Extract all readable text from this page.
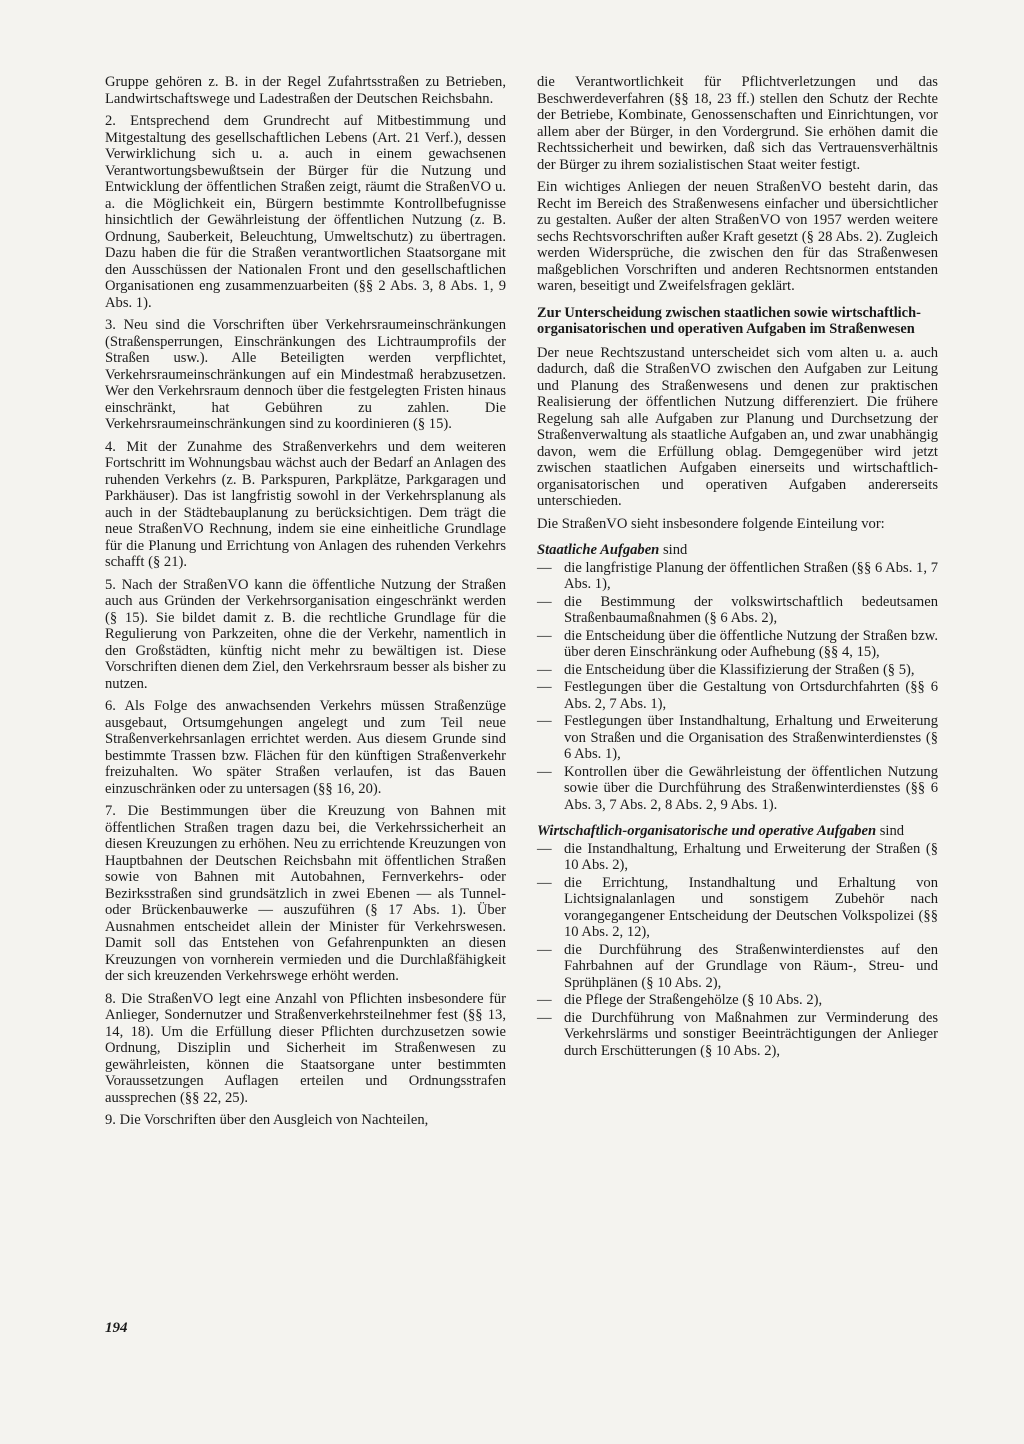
Gruppe gehören z. B. in der Regel Zufahrtsstraßen zu Betrieben, Landwirtschaftswege und Ladestraßen der Deutschen Reichsbahn.

2. Entsprechend dem Grundrecht auf Mitbestimmung und Mitgestaltung des gesellschaftlichen Lebens (Art. 21 Verf.), dessen Verwirklichung sich u. a. auch in einem gewachsenen Verantwortungsbewußtsein der Bürger für die Nutzung und Entwicklung der öffentlichen Straßen zeigt, räumt die StraßenVO u. a. die Möglichkeit ein, Bürgern bestimmte Kontrollbefugnisse hinsichtlich der Gewährleistung der öffentlichen Nutzung (z. B. Ordnung, Sauberkeit, Beleuchtung, Umweltschutz) zu übertragen. Dazu haben die für die Straßen verantwortlichen Staatsorgane mit den Ausschüssen der Nationalen Front und den gesellschaftlichen Organisationen eng zusammenzuarbeiten (§§ 2 Abs. 3, 8 Abs. 1, 9 Abs. 1).

3. Neu sind die Vorschriften über Verkehrsraumeinschränkungen (Straßensperrungen, Einschränkungen des Lichtraumprofils der Straßen usw.). Alle Beteiligten werden verpflichtet, Verkehrsraumeinschränkungen auf ein Mindestmaß herabzusetzen. Wer den Verkehrsraum dennoch über die festgelegten Fristen hinaus einschränkt, hat Gebühren zu zahlen. Die Verkehrsraumeinschränkungen sind zu koordinieren (§ 15).

4. Mit der Zunahme des Straßenverkehrs und dem weiteren Fortschritt im Wohnungsbau wächst auch der Bedarf an Anlagen des ruhenden Verkehrs (z. B. Parkspuren, Parkplätze, Parkgaragen und Parkhäuser). Das ist langfristig sowohl in der Verkehrsplanung als auch in der Städtebauplanung zu berücksichtigen. Dem trägt die neue StraßenVO Rechnung, indem sie eine einheitliche Grundlage für die Planung und Errichtung von Anlagen des ruhenden Verkehrs schafft (§ 21).

5. Nach der StraßenVO kann die öffentliche Nutzung der Straßen auch aus Gründen der Verkehrsorganisation eingeschränkt werden (§ 15). Sie bildet damit z. B. die rechtliche Grundlage für die Regulierung von Parkzeiten, ohne die der Verkehr, namentlich in den Großstädten, künftig nicht mehr zu bewältigen ist. Diese Vorschriften dienen dem Ziel, den Verkehrsraum besser als bisher zu nutzen.

6. Als Folge des anwachsenden Verkehrs müssen Straßenzüge ausgebaut, Ortsumgehungen angelegt und zum Teil neue Straßenverkehrsanlagen errichtet werden. Aus diesem Grunde sind bestimmte Trassen bzw. Flächen für den künftigen Straßenverkehr freizuhalten. Wo später Straßen verlaufen, ist das Bauen einzuschränken oder zu untersagen (§§ 16, 20).

7. Die Bestimmungen über die Kreuzung von Bahnen mit öffentlichen Straßen tragen dazu bei, die Verkehrssicherheit an diesen Kreuzungen zu erhöhen. Neu zu errichtende Kreuzungen von Hauptbahnen der Deutschen Reichsbahn mit öffentlichen Straßen sowie von Bahnen mit Autobahnen, Fernverkehrs- oder Bezirksstraßen sind grundsätzlich in zwei Ebenen — als Tunnel- oder Brückenbauwerke — auszuführen (§ 17 Abs. 1). Über Ausnahmen entscheidet allein der Minister für Verkehrswesen. Damit soll das Entstehen von Gefahrenpunkten an diesen Kreuzungen von vornherein vermieden und die Durchlaßfähigkeit der sich kreuzenden Verkehrswege erhöht werden.

8. Die StraßenVO legt eine Anzahl von Pflichten insbesondere für Anlieger, Sondernutzer und Straßenverkehrsteilnehmer fest (§§ 13, 14, 18). Um die Erfüllung dieser Pflichten durchzusetzen sowie Ordnung, Disziplin und Sicherheit im Straßenwesen zu gewährleisten, können die Staatsorgane unter bestimmten Voraussetzungen Auflagen erteilen und Ordnungsstrafen aussprechen (§§ 22, 25).

9. Die Vorschriften über den Ausgleich von Nachteilen,

die Verantwortlichkeit für Pflichtverletzungen und das Beschwerdeverfahren (§§ 18, 23 ff.) stellen den Schutz der Rechte der Betriebe, Kombinate, Genossenschaften und Einrichtungen, vor allem aber der Bürger, in den Vordergrund. Sie erhöhen damit die Rechtssicherheit und bewirken, daß sich das Vertrauensverhältnis der Bürger zu ihrem sozialistischen Staat weiter festigt.

Ein wichtiges Anliegen der neuen StraßenVO besteht darin, das Recht im Bereich des Straßenwesens einfacher und übersichtlicher zu gestalten. Außer der alten StraßenVO von 1957 werden weitere sechs Rechtsvorschriften außer Kraft gesetzt (§ 28 Abs. 2). Zugleich werden Widersprüche, die zwischen den für das Straßenwesen maßgeblichen Vorschriften und anderen Rechtsnormen entstanden waren, beseitigt und Zweifelsfragen geklärt.

Zur Unterscheidung zwischen staatlichen sowie wirtschaftlich-organisatorischen und operativen Aufgaben im Straßenwesen

Der neue Rechtszustand unterscheidet sich vom alten u. a. auch dadurch, daß die StraßenVO zwischen den Aufgaben zur Leitung und Planung des Straßenwesens und denen zur praktischen Realisierung der öffentlichen Nutzung differenziert. Die frühere Regelung sah alle Aufgaben zur Planung und Durchsetzung der Straßenverwaltung als staatliche Aufgaben an, und zwar unabhängig davon, wem die Erfüllung oblag. Demgegenüber wird jetzt zwischen staatlichen Aufgaben einerseits und wirtschaftlich-organisatorischen und operativen Aufgaben andererseits unterschieden.

Die StraßenVO sieht insbesondere folgende Einteilung vor:

Staatliche Aufgaben sind
— die langfristige Planung der öffentlichen Straßen (§§ 6 Abs. 1, 7 Abs. 1),
— die Bestimmung der volkswirtschaftlich bedeutsamen Straßenbaumaßnahmen (§ 6 Abs. 2),
— die Entscheidung über die öffentliche Nutzung der Straßen bzw. über deren Einschränkung oder Aufhebung (§§ 4, 15),
— die Entscheidung über die Klassifizierung der Straßen (§ 5),
— Festlegungen über die Gestaltung von Ortsdurchfahrten (§§ 6 Abs. 2, 7 Abs. 1),
— Festlegungen über Instandhaltung, Erhaltung und Erweiterung von Straßen und die Organisation des Straßenwinterdienstes (§ 6 Abs. 1),
— Kontrollen über die Gewährleistung der öffentlichen Nutzung sowie über die Durchführung des Straßenwinterdienstes (§§ 6 Abs. 3, 7 Abs. 2, 8 Abs. 2, 9 Abs. 1).
Wirtschaftlich-organisatorische und operative Aufgaben sind
— die Instandhaltung, Erhaltung und Erweiterung der Straßen (§ 10 Abs. 2),
— die Errichtung, Instandhaltung und Erhaltung von Lichtsignalanlagen und sonstigem Zubehör nach vorangegangener Entscheidung der Deutschen Volkspolizei (§§ 10 Abs. 2, 12),
— die Durchführung des Straßenwinterdienstes auf den Fahrbahnen auf der Grundlage von Räum-, Streu- und Sprühplänen (§ 10 Abs. 2),
— die Pflege der Straßengehölze (§ 10 Abs. 2),
— die Durchführung von Maßnahmen zur Verminderung des Verkehrslärms und sonstiger Beeinträchtigungen der Anlieger durch Erschütterungen (§ 10 Abs. 2),
194
